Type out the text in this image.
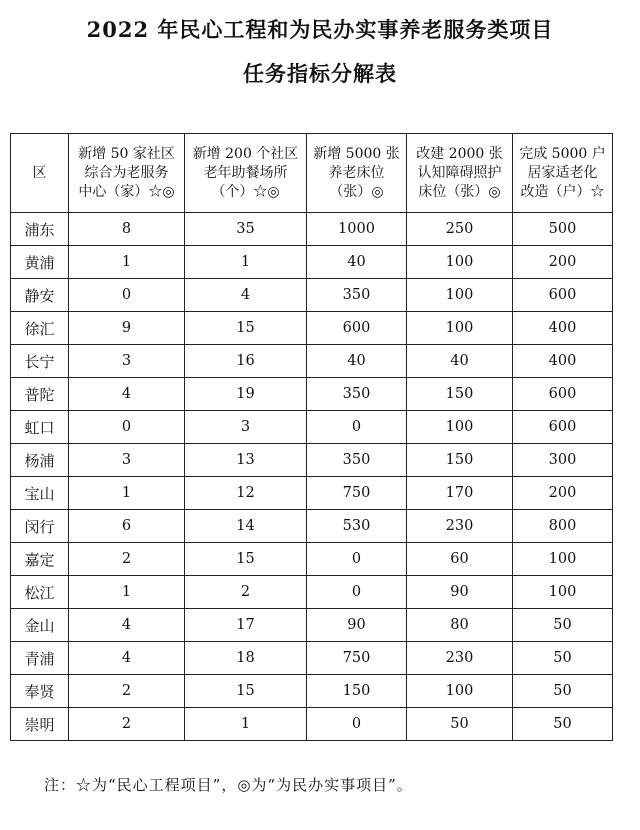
2022 年民心工程和为民办实事养老服务类项目
任务指标分解表
区	新增 50 家社区
综合为老服务
中心（家）☆◎	新增 200 个社区
老年助餐场所
（个）☆◎	新增 5000 张
养老床位
（张）◎	改建 2000 张
认知障碍照护
床位（张）◎	完成 5000 户
居家适老化
改造（户）☆

浦东	8	35	1000	250	500
黄浦	1	1	40	100	200
静安	0	4	350	100	600
徐汇	9	15	600	100	400
长宁	3	16	40	40	400
普陀	4	19	350	150	600
虹口	0	3	0	100	600
杨浦	3	13	350	150	300
宝山	1	12	750	170	200
闵行	6	14	530	230	800
嘉定	2	15	0	60	100
松江	1	2	0	90	100
金山	4	17	90	80	50
青浦	4	18	750	230	50
奉贤	2	15	150	100	50
崇明	2	1	0	50	50

注：☆为“民心工程项目”，◎为“为民办实事项目”。
